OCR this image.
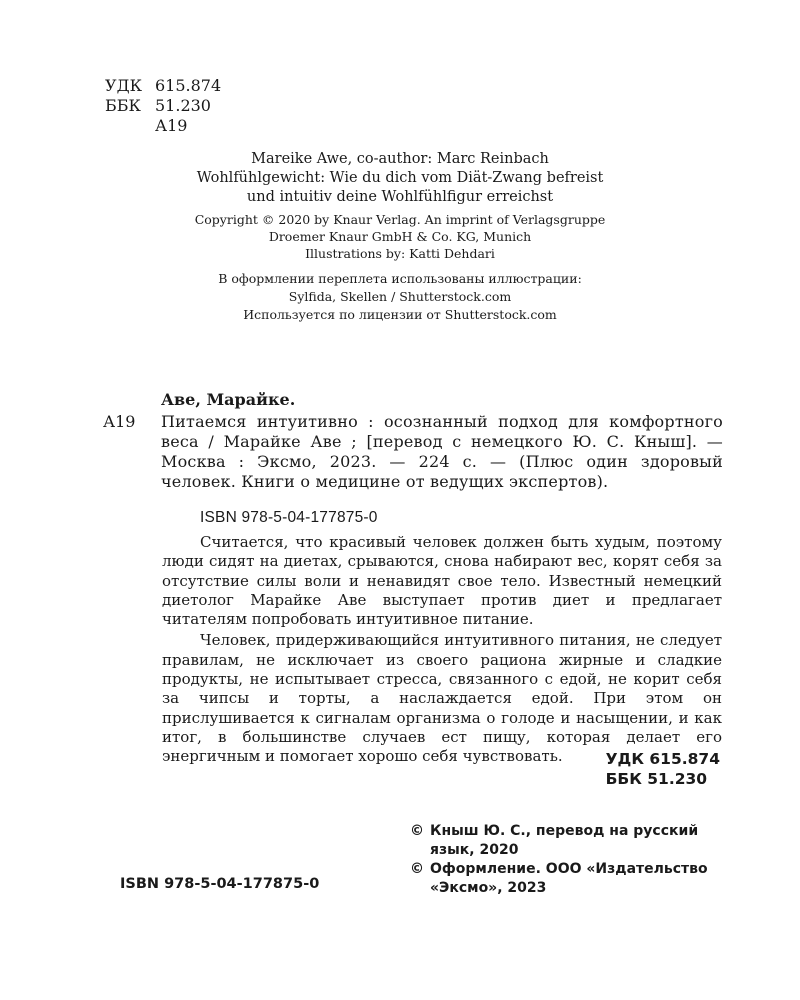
УДК 615.874
ББК 51.230
А19
Mareike Awe, co-author: Marc Reinbach
Wohlfühlgewicht: Wie du dich vom Diät-Zwang befreist
und intuitiv deine Wohlfühlfigur erreichst
Copyright © 2020 by Knaur Verlag. An imprint of Verlagsgruppe
Droemer Knaur GmbH & Co. KG, Munich
Illustrations by: Katti Dehdari
В оформлении переплета использованы иллюстрации:
Sylfida, Skellen / Shutterstock.com
Используется по лицензии от Shutterstock.com
Аве, Марайке.
А19	Питаемся интуитивно : осознанный подход для комфортного веса / Марайке Аве ; [перевод с немецкого Ю. С. Кныш]. — Москва : Эксмо, 2023. — 224 с. — (Плюс один здоровый человек. Книги о медицине от ведущих экспертов).
ISBN 978-5-04-177875-0

Считается, что красивый человек должен быть худым, поэтому люди сидят на диетах, срываются, снова набирают вес, корят себя за отсутствие силы воли и ненавидят свое тело. Известный немецкий диетолог Марайке Аве выступает против диет и предлагает читателям попробовать интуитивное питание.

Человек, придерживающийся интуитивного питания, не следует правилам, не исключает из своего рациона жирные и сладкие продукты, не испытывает стресса, связанного с едой, не корит себя за чипсы и торты, а наслаждается едой. При этом он прислушивается к сигналам организма о голоде и насыщении, и как итог, в большинстве случаев ест пищу, которая делает его энергичным и помогает хорошо себя чувствовать.	УДК 615.874
ББК 51.230
ISBN 978-5-04-177875-0
© Кныш Ю. С., перевод на русский язык, 2020
© Оформление. ООО «Издательство «Эксмо», 2023
